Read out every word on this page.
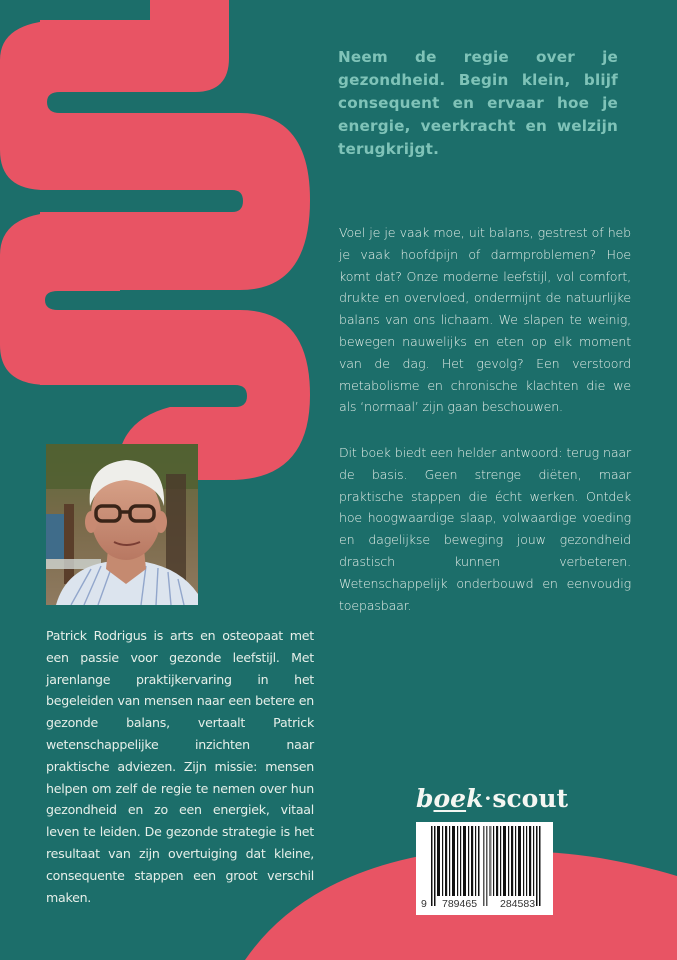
Neem de regie over je gezondheid. Begin klein, blijf consequent en ervaar hoe je energie, veerkracht en welzijn terugkrijgt.

Voel je je vaak moe, uit balans, gestrest of heb je vaak hoofdpijn of darmproblemen? Hoe komt dat? Onze moderne leefstijl, vol comfort, drukte en overvloed, ondermijnt de natuurlijke balans van ons lichaam. We slapen te weinig, bewegen nauwelijks en eten op elk moment van de dag. Het gevolg? Een verstoord metabolisme en chronische klachten die we als ‘normaal’ zijn gaan beschouwen.

Dit boek biedt een helder antwoord: terug naar de basis. Geen strenge diëten, maar praktische stappen die écht werken. Ontdek hoe hoogwaardige slaap, volwaardige voeding en dagelijkse beweging jouw gezondheid drastisch kunnen verbeteren. Wetenschappelijk onderbouwd en eenvoudig toepasbaar.

Patrick Rodrigus is arts en osteopaat met een passie voor gezonde leefstijl. Met jarenlange praktijkervaring in het begeleiden van mensen naar een betere en gezonde balans, vertaalt Patrick wetenschappelijke inzichten naar praktische adviezen. Zijn missie: mensen helpen om zelf de regie te nemen over hun gezondheid en zo een energiek, vitaal leven te leiden. De gezonde strategie is het resultaat van zijn overtuiging dat kleine, consequente stappen een groot verschil maken.

boek·scout
9 789465 284583
